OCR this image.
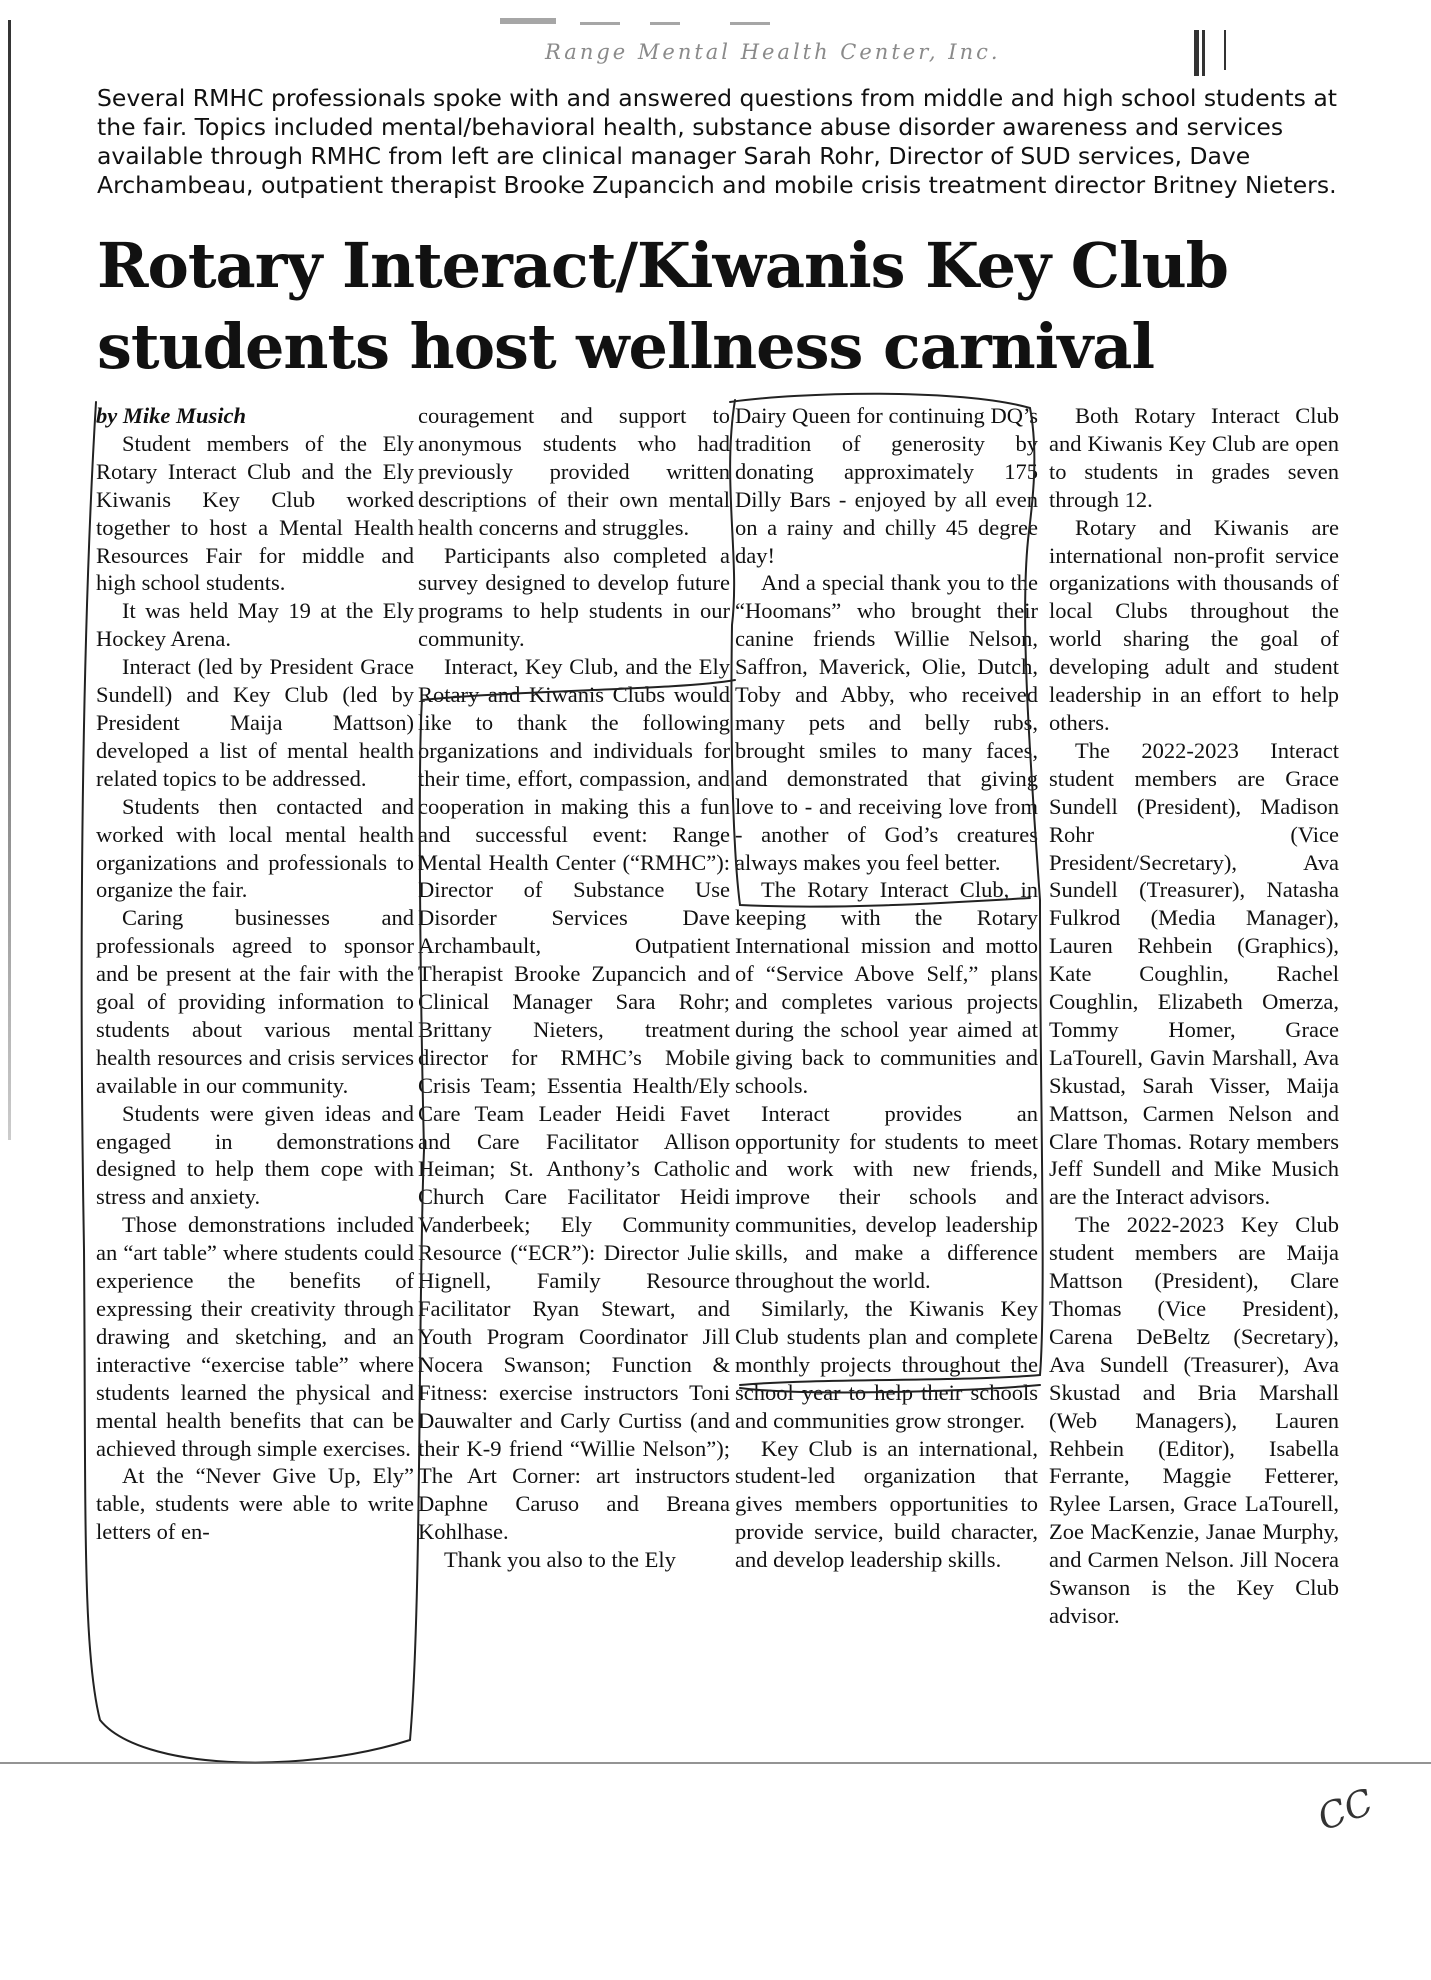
Range Mental Health Center, Inc.
Several RMHC professionals spoke with and answered questions from middle and high school students at the fair. Topics included mental/behavioral health, substance abuse disorder awareness and services available through RMHC from left are clinical manager Sarah Rohr, Director of SUD services, Dave Archambeau, outpatient therapist Brooke Zupancich and mobile crisis treatment director Britney Nieters.
Rotary Interact/Kiwanis Key Club students host wellness carnival

by Mike Musich

Student members of the Ely Rotary Interact Club and the Ely Kiwanis Key Club worked together to host a Mental Health Resources Fair for middle and high school students.

It was held May 19 at the Ely Hockey Arena.

Interact (led by President Grace Sundell) and Key Club (led by President Maija Mattson) developed a list of mental health related topics to be addressed.

Students then contacted and worked with local mental health organizations and professionals to organize the fair.

Caring businesses and professionals agreed to sponsor and be present at the fair with the goal of providing information to students about various mental health resources and crisis services available in our community.

Students were given ideas and engaged in demonstrations designed to help them cope with stress and anxiety.

Those demonstrations included an “art table” where students could experience the benefits of expressing their creativity through drawing and sketching, and an interactive “exercise table” where students learned the physical and mental health benefits that can be achieved through simple exercises.

At the “Never Give Up, Ely” table, students were able to write letters of en-

couragement and support to anonymous students who had previously provided written descriptions of their own mental health concerns and struggles.

Participants also completed a survey designed to develop future programs to help students in our community.

Interact, Key Club, and the Ely Rotary and Kiwanis Clubs would like to thank the following organizations and individuals for their time, effort, compassion, and cooperation in making this a fun and successful event: Range Mental Health Center (“RMHC”): Director of Substance Use Disorder Services Dave Archambault, Outpatient Therapist Brooke Zupancich and Clinical Manager Sara Rohr; Brittany Nieters, treatment director for RMHC’s Mobile Crisis Team; Essentia Health/Ely Care Team Leader Heidi Favet and Care Facilitator Allison Heiman; St. Anthony’s Catholic Church Care Facilitator Heidi Vanderbeek; Ely Community Resource (“ECR”): Director Julie Hignell, Family Resource Facilitator Ryan Stewart, and Youth Program Coordinator Jill Nocera Swanson; Function & Fitness: exercise instructors Toni Dauwalter and Carly Curtiss (and their K-9 friend “Willie Nelson”); The Art Corner: art instructors Daphne Caruso and Breana Kohlhase.

Thank you also to the Ely

Dairy Queen for continuing DQ’s tradition of generosity by donating approximately 175 Dilly Bars - enjoyed by all even on a rainy and chilly 45 degree day!

And a special thank you to the “Hoomans” who brought their canine friends Willie Nelson, Saffron, Maverick, Olie, Dutch, Toby and Abby, who received many pets and belly rubs, brought smiles to many faces, and demonstrated that giving love to - and receiving love from - another of God’s creatures always makes you feel better.

The Rotary Interact Club, in keeping with the Rotary International mission and motto of “Service Above Self,” plans and completes various projects during the school year aimed at giving back to communities and schools.

Interact provides an opportunity for students to meet and work with new friends, improve their schools and communities, develop leadership skills, and make a difference throughout the world.

Similarly, the Kiwanis Key Club students plan and complete monthly projects throughout the school year to help their schools and communities grow stronger.

Key Club is an international, student-led organization that gives members opportunities to provide service, build character, and develop leadership skills.

Both Rotary Interact Club and Kiwanis Key Club are open to students in grades seven through 12.

Rotary and Kiwanis are international non-profit service organizations with thousands of local Clubs throughout the world sharing the goal of developing adult and student leadership in an effort to help others.

The 2022-2023 Interact student members are Grace Sundell (President), Madison Rohr (Vice President/Secretary), Ava Sundell (Treasurer), Natasha Fulkrod (Media Manager), Lauren Rehbein (Graphics), Kate Coughlin, Rachel Coughlin, Elizabeth Omerza, Tommy Homer, Grace LaTourell, Gavin Marshall, Ava Skustad, Sarah Visser, Maija Mattson, Carmen Nelson and Clare Thomas. Rotary members Jeff Sundell and Mike Musich are the Interact advisors.

The 2022-2023 Key Club student members are Maija Mattson (President), Clare Thomas (Vice President), Carena DeBeltz (Secretary), Ava Sundell (Treasurer), Ava Skustad and Bria Marshall (Web Managers), Lauren Rehbein (Editor), Isabella Ferrante, Maggie Fetterer, Rylee Larsen, Grace LaTourell, Zoe MacKenzie, Janae Murphy, and Carmen Nelson. Jill Nocera Swanson is the Key Club advisor.

CC
